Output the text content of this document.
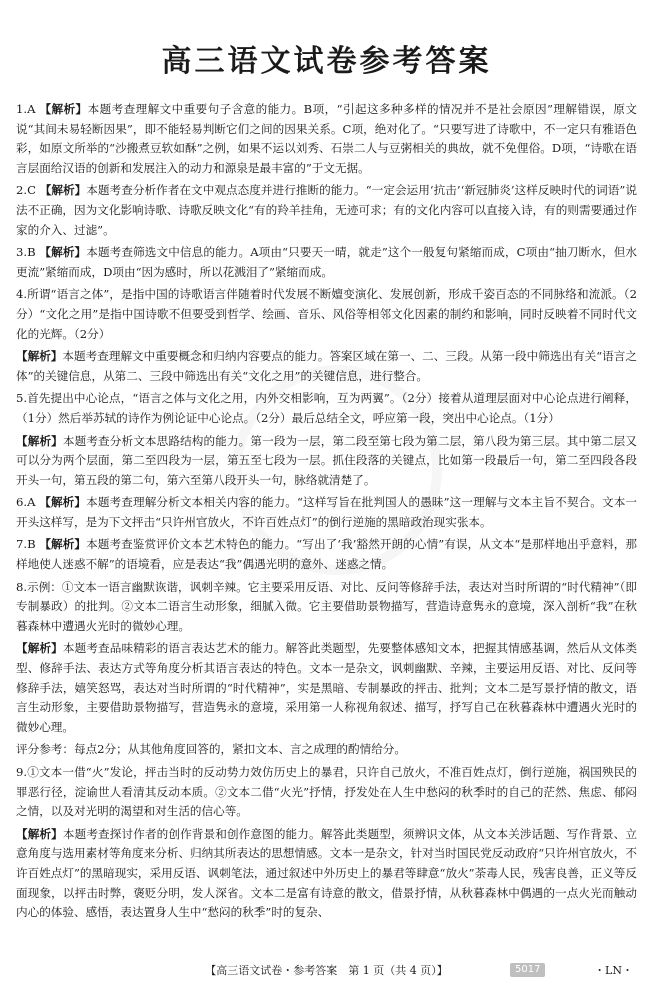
高三语文试卷参考答案

1.A 【解析】本题考查理解文中重要句子含意的能力。B项，“引起这多种多样的情况并不是社会原因”理解错误，原文说“其间未易轻断因果”，即不能轻易判断它们之间的因果关系。C项，绝对化了。“只要写进了诗歌中，不一定只有雅语色彩，如原文所举的“沙搬煮豆软如酥”之例，如果不运以刘秀、石崇二人与豆粥相关的典故，就不免俚俗。D项，“诗歌在语言层面给汉语的创新和发展注入的动力和源泉是最丰富的”于文无据。

2.C 【解析】本题考查分析作者在文中观点态度并进行推断的能力。“一定会运用‘抗击’‘新冠肺炎’这样反映时代的词语”说法不正确，因为文化影响诗歌、诗歌反映文化“有的羚羊挂角，无迹可求；有的文化内容可以直接入诗，有的则需要通过作家的介入、过滤”。

3.B 【解析】本题考查筛选文中信息的能力。A项由“只要天一晴，就走”这个一般复句紧缩而成，C项由“抽刀断水，但水更流”紧缩而成，D项由“因为感时，所以花溅泪了”紧缩而成。

4.所谓“语言之体”，是指中国的诗歌语言伴随着时代发展不断嬗变演化、发展创新，形成千姿百态的不同脉络和流派。（2分）“文化之用”是指中国诗歌不但要受到哲学、绘画、音乐、风俗等相邻文化因素的制约和影响，同时反映着不同时代文化的光辉。（2分）

【解析】本题考查理解文中重要概念和归纳内容要点的能力。答案区域在第一、二、三段。从第一段中筛选出有关“语言之体”的关键信息，从第二、三段中筛选出有关“文化之用”的关键信息，进行整合。

5.首先提出中心论点，“语言之体与文化之用，内外交相影响，互为两翼”。（2分）接着从道理层面对中心论点进行阐释，（1分）然后举苏轼的诗作为例论证中心论点。（2分）最后总结全文，呼应第一段，突出中心论点。（1分）

【解析】本题考查分析文本思路结构的能力。第一段为一层，第二段至第七段为第二层，第八段为第三层。其中第二层又可以分为两个层面，第二至四段为一层，第五至七段为一层。抓住段落的关键点，比如第一段最后一句，第二至四段各段开头一句，第五段的第二句，第六至第八段开头一句，脉络就清楚了。

6.A 【解析】本题考查理解分析文本相关内容的能力。“这样写旨在批判国人的愚昧”这一理解与文本主旨不契合。文本一开头这样写，是为下文抨击“只许州官放火，不许百姓点灯”的倒行逆施的黑暗政治现实张本。

7.B 【解析】本题考查鉴赏评价文本艺术特色的能力。“写出了‘我’豁然开朗的心情”有误，从文本“是那样地出乎意料，那样地使人迷惑不解”的语境看，应是表达“我”偶遇光明的意外、迷惑之情。

8.示例：①文本一语言幽默诙谐，讽刺辛辣。它主要采用反语、对比、反问等修辞手法，表达对当时所谓的“时代精神”（即专制暴政）的批判。②文本二语言生动形象，细腻入微。它主要借助景物描写，营造诗意隽永的意境，深入剖析“我”在秋暮森林中遭遇火光时的微妙心理。

【解析】本题考查品味精彩的语言表达艺术的能力。解答此类题型，先要整体感知文本，把握其情感基调，然后从文体类型、修辞手法、表达方式等角度分析其语言表达的特色。文本一是杂文，讽刺幽默、辛辣，主要运用反语、对比、反问等修辞手法，嬉笑怒骂，表达对当时所谓的“时代精神”，实是黑暗、专制暴政的抨击、批判；文本二是写景抒情的散文，语言生动形象，主要借助景物描写，营造隽永的意境，采用第一人称视角叙述、描写，抒写自己在秋暮森林中遭遇火光时的微妙心理。

评分参考：每点2分；从其他角度回答的，紧扣文本、言之成理的酌情给分。

9.①文本一借“火”发论，抨击当时的反动势力效仿历史上的暴君，只许自己放火，不准百姓点灯，倒行逆施，祸国殃民的罪恶行径，淀谕世人看清其反动本质。②文本二借“火光”抒情，抒发处在人生中愁闷的秋季时的自己的茫然、焦虑、郁闷之情，以及对光明的渴望和对生活的信心等。

【解析】本题考查探讨作者的创作背景和创作意图的能力。解答此类题型，须辨识文体，从文本关涉话题、写作背景、立意角度与选用素材等角度来分析、归纳其所表达的思想情感。文本一是杂文，针对当时国民党反动政府“只许州官放火，不许百姓点灯”的黑暗现实，采用反语、讽刺笔法，通过叙述中外历史上的暴君等肆意“放火”荼毒人民，残害良善，正义等反面现象，以抨击时弊，褒贬分明，发人深省。文本二是富有诗意的散文，借景抒情，从秋暮森林中偶遇的一点火光而触动内心的体验、感悟，表达置身人生中“愁闷的秋季”时的复杂、

【高三语文试卷・参考答案　第 1 页（共 4 页）】	5017	・LN・
